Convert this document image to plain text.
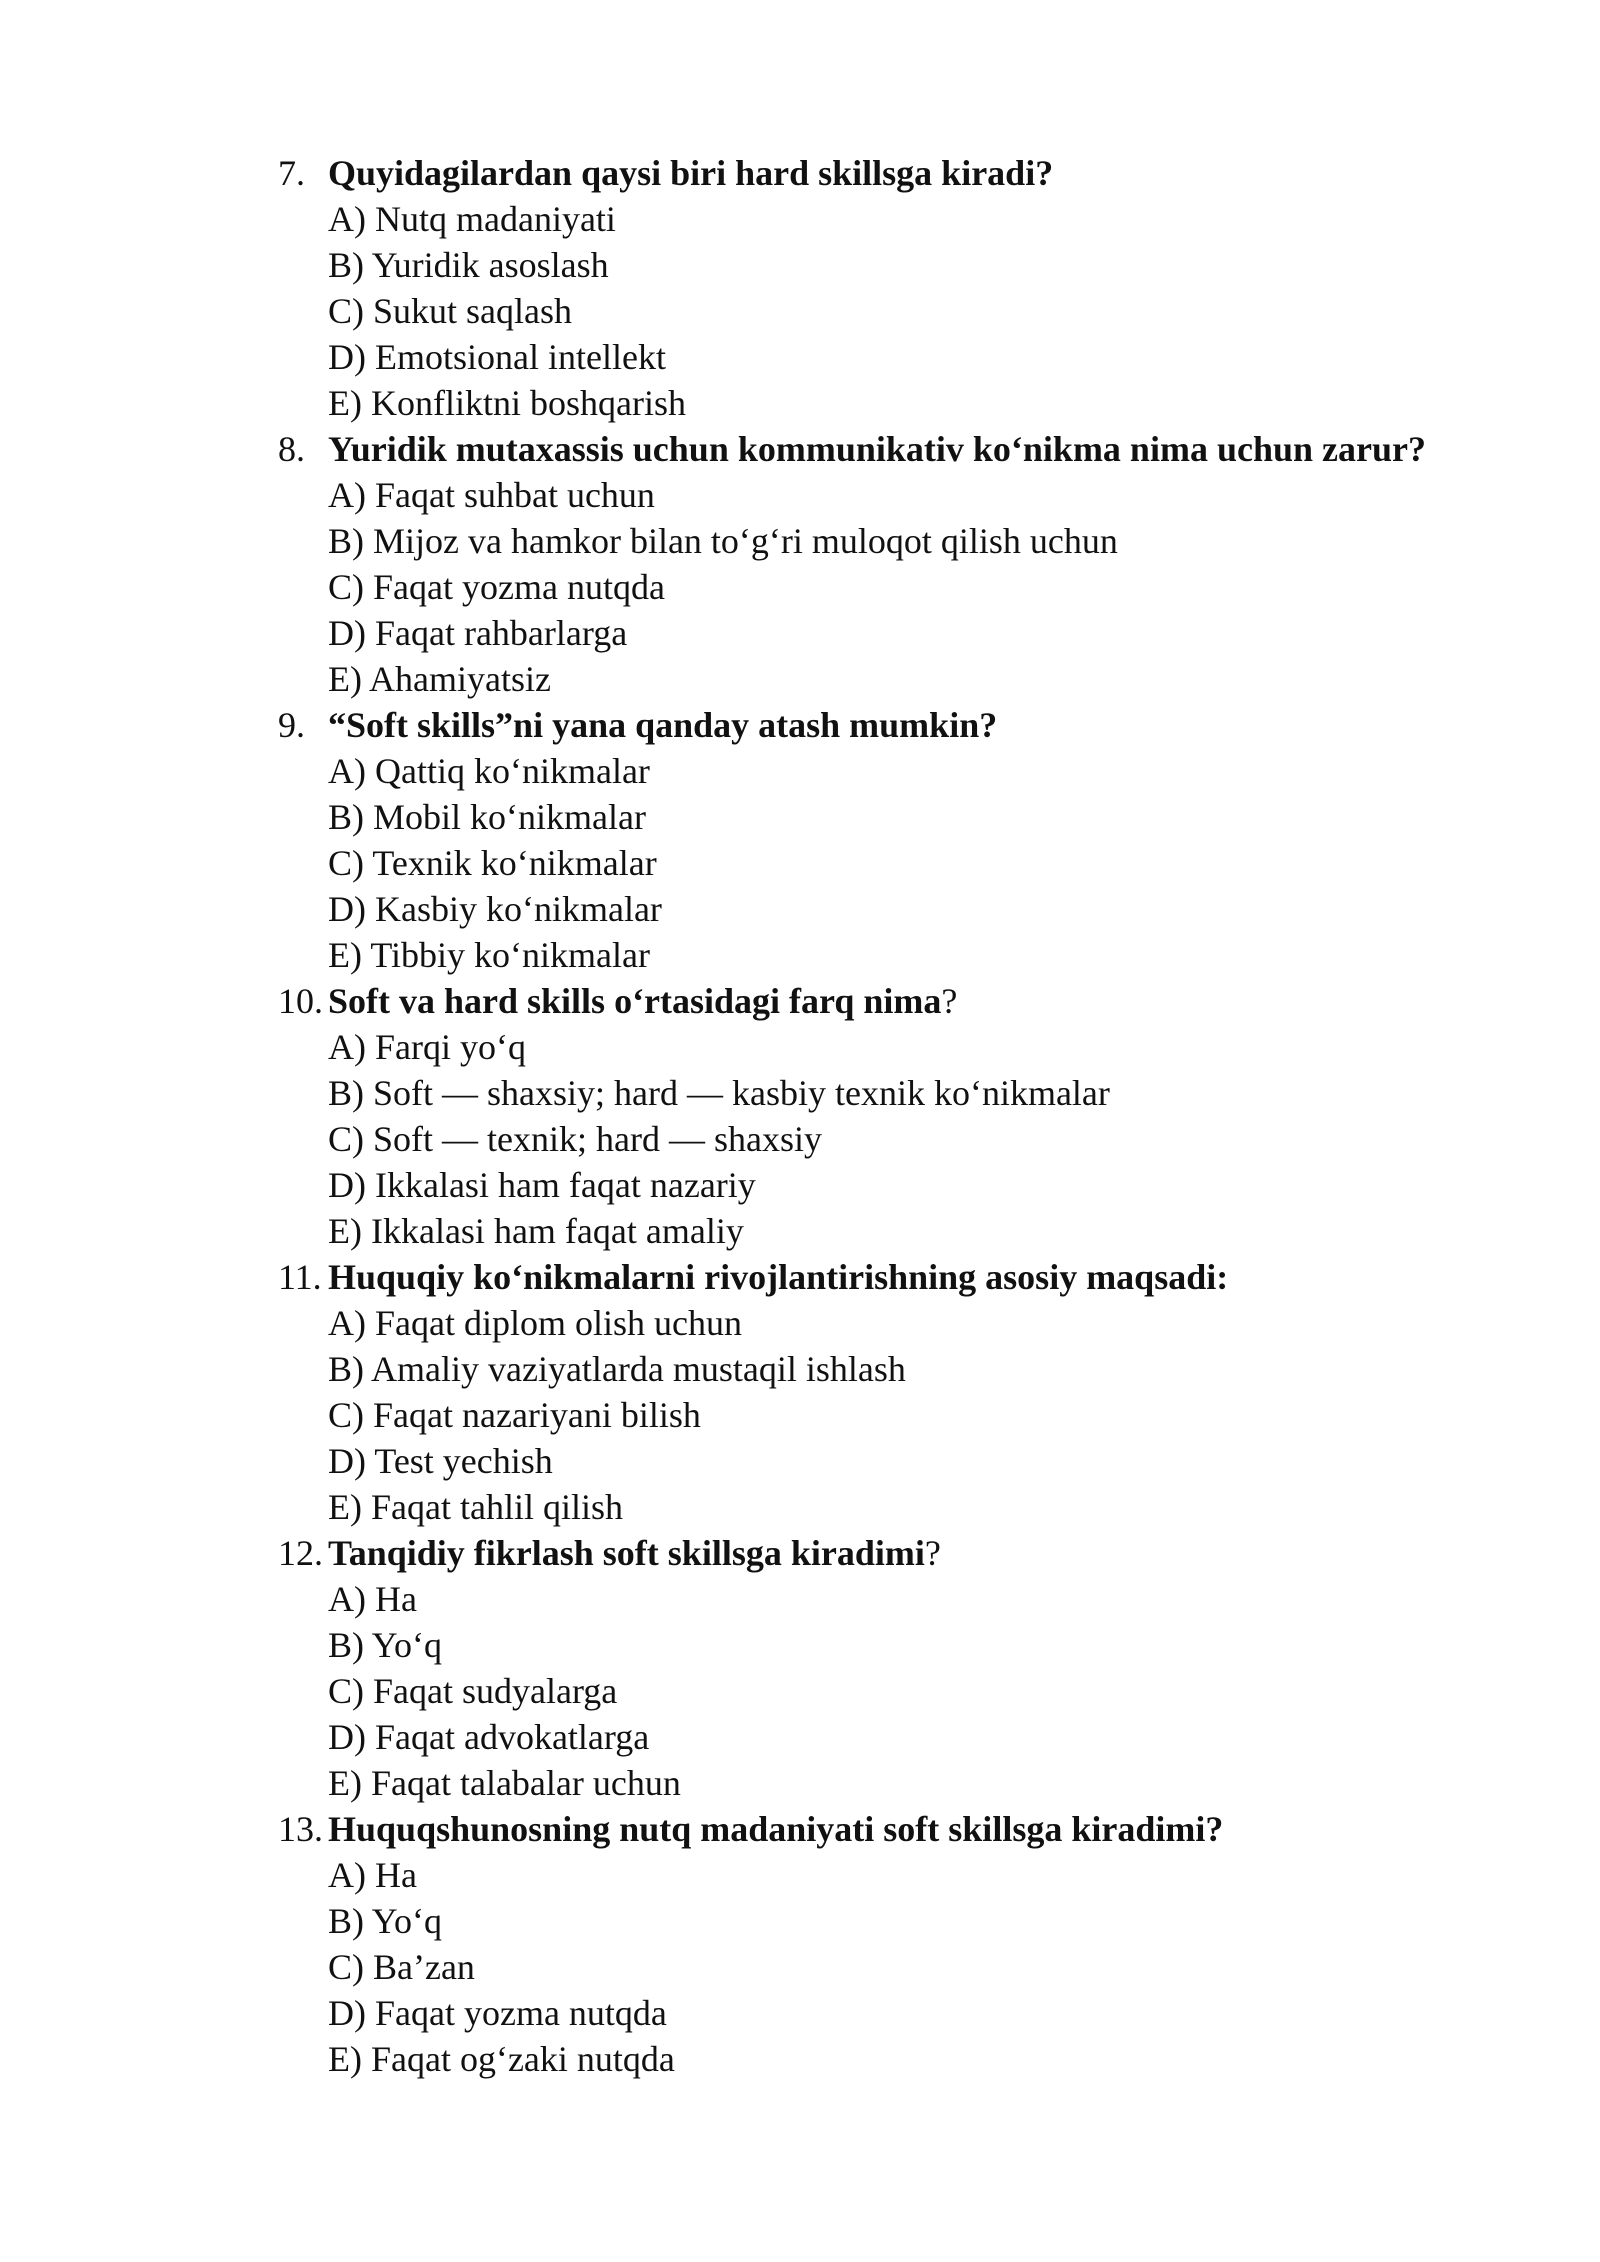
7. Quyidagilardan qaysi biri hard skillsga kiradi?
A) Nutq madaniyati
B) Yuridik asoslash
C) Sukut saqlash
D) Emotsional intellekt
E) Konfliktni boshqarish
8. Yuridik mutaxassis uchun kommunikativ ko‘nikma nima uchun zarur?
A) Faqat suhbat uchun
B) Mijoz va hamkor bilan to‘g‘ri muloqot qilish uchun
C) Faqat yozma nutqda
D) Faqat rahbarlarga
E) Ahamiyatsiz
9. “Soft skills”ni yana qanday atash mumkin?
A) Qattiq ko‘nikmalar
B) Mobil ko‘nikmalar
C) Texnik ko‘nikmalar
D) Kasbiy ko‘nikmalar
E) Tibbiy ko‘nikmalar
10. Soft va hard skills o‘rtasidagi farq nima?
A) Farqi yo‘q
B) Soft — shaxsiy; hard — kasbiy texnik ko‘nikmalar
C) Soft — texnik; hard — shaxsiy
D) Ikkalasi ham faqat nazariy
E) Ikkalasi ham faqat amaliy
11. Huquqiy ko‘nikmalarni rivojlantirishning asosiy maqsadi:
A) Faqat diplom olish uchun
B) Amaliy vaziyatlarda mustaqil ishlash
C) Faqat nazariyani bilish
D) Test yechish
E) Faqat tahlil qilish
12. Tanqidiy fikrlash soft skillsga kiradimi?
A) Ha
B) Yo‘q
C) Faqat sudyalarga
D) Faqat advokatlarga
E) Faqat talabalar uchun
13. Huquqshunosning nutq madaniyati soft skillsga kiradimi?
A) Ha
B) Yo‘q
C) Ba’zan
D) Faqat yozma nutqda
E) Faqat og‘zaki nutqda
